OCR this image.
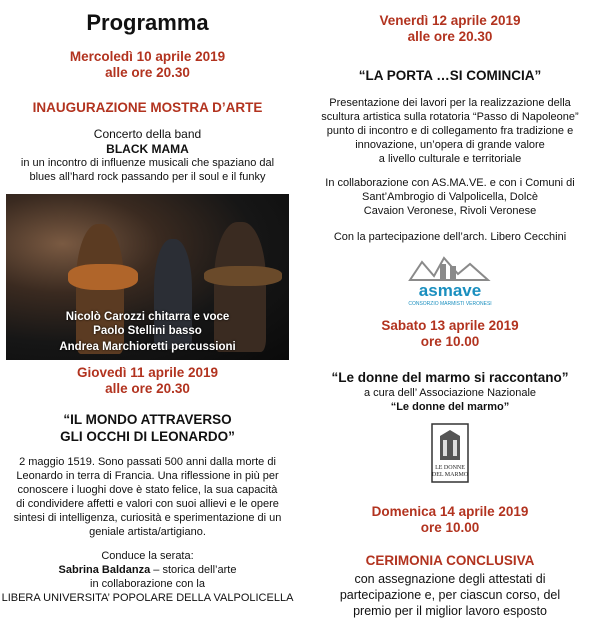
Programma
Mercoledì 10 aprile 2019
alle ore 20.30
INAUGURAZIONE MOSTRA D’ARTE
Concerto della band
BLACK MAMA
in un incontro di influenze musicali che spaziano dal
blues all’hard rock passando per il soul e il funky
Nicolò Carozzi chitarra e voce
Paolo Stellini basso
Andrea Marchioretti percussioni
Giovedì 11 aprile 2019
alle ore 20.30
“IL MONDO ATTRAVERSO
GLI OCCHI DI LEONARDO”
2 maggio 1519. Sono passati 500 anni dalla morte di
Leonardo in terra di Francia. Una riflessione in più per
conoscere i luoghi dove è stato felice, la sua capacità
di condividere affetti e valori con suoi allievi e le opere
sintesi di intelligenza, curiosità e sperimentazione di un
geniale artista/artigiano.
Conduce la serata:
Sabrina Baldanza – storica dell’arte
in collaborazione con la
LIBERA UNIVERSITA’ POPOLARE DELLA VALPOLICELLA
Venerdì 12 aprile 2019
alle ore 20.30
“LA PORTA …SI COMINCIA”
Presentazione dei lavori per la realizzazione della
scultura artistica sulla rotatoria “Passo di Napoleone”
punto di incontro e di collegamento fra tradizione e
innovazione, un’opera di grande valore
a livello culturale e territoriale
In collaborazione con AS.MA.VE. e con i Comuni di
Sant’Ambrogio di Valpolicella, Dolcè
Cavaion Veronese, Rivoli Veronese
Con la partecipazione dell’arch. Libero Cecchini
asmave
CONSORZIO MARMISTI VERONESI
Sabato 13 aprile 2019
ore 10.00
“Le donne del marmo si raccontano”
a cura dell’ Associazione Nazionale
“Le donne del marmo”
LE DONNE
DEL MARMO
Domenica 14 aprile 2019
ore 10.00
CERIMONIA CONCLUSIVA
con assegnazione degli attestati di
partecipazione e, per ciascun corso, del
premio per il miglior lavoro esposto
